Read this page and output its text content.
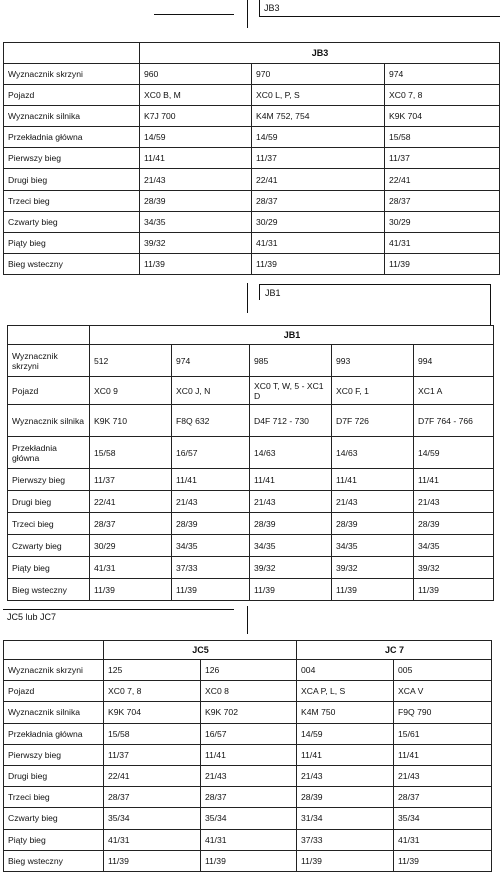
JB3
	JB3		
Wyznacznik skrzyni	960	970	974
Pojazd	XC0 B, M	XC0 L, P, S	XC0 7, 8
Wyznacznik silnika	K7J 700	K4M 752, 754	K9K 704
Przekładnia główna	14/59	14/59	15/58
Pierwszy bieg	11/41	11/37	11/37
Drugi bieg	21/43	22/41	22/41
Trzeci bieg	28/39	28/37	28/37
Czwarty bieg	34/35	30/29	30/29
Piąty bieg	39/32	41/31	41/31
Bieg wsteczny	11/39	11/39	11/39
JB1
	JB1				
Wyznacznik skrzyni	512	974	985	993	994
Pojazd	XC0 9	XC0 J, N	XC0 T, W, 5 - XC1 D	XC0 F, 1	XC1 A
Wyznacznik silnika	K9K 710	F8Q 632	D4F 712 - 730	D7F 726	D7F 764 - 766
Przekładnia główna	15/58	16/57	14/63	14/63	14/59
Pierwszy bieg	11/37	11/41	11/41	11/41	11/41
Drugi bieg	22/41	21/43	21/43	21/43	21/43
Trzeci bieg	28/37	28/39	28/39	28/39	28/39
Czwarty bieg	30/29	34/35	34/35	34/35	34/35
Piąty bieg	41/31	37/33	39/32	39/32	39/32
Bieg wsteczny	11/39	11/39	11/39	11/39	11/39
JC5 lub JC7
	JC5		JC 7	
Wyznacznik skrzyni	125	126	004	005
Pojazd	XC0 7, 8	XC0 8	XCA P, L, S	XCA V
Wyznacznik silnika	K9K 704	K9K 702	K4M 750	F9Q 790
Przekładnia główna	15/58	16/57	14/59	15/61
Pierwszy bieg	11/37	11/41	11/41	11/41
Drugi bieg	22/41	21/43	21/43	21/43
Trzeci bieg	28/37	28/37	28/39	28/37
Czwarty bieg	35/34	35/34	31/34	35/34
Piąty bieg	41/31	41/31	37/33	41/31
Bieg wsteczny	11/39	11/39	11/39	11/39
